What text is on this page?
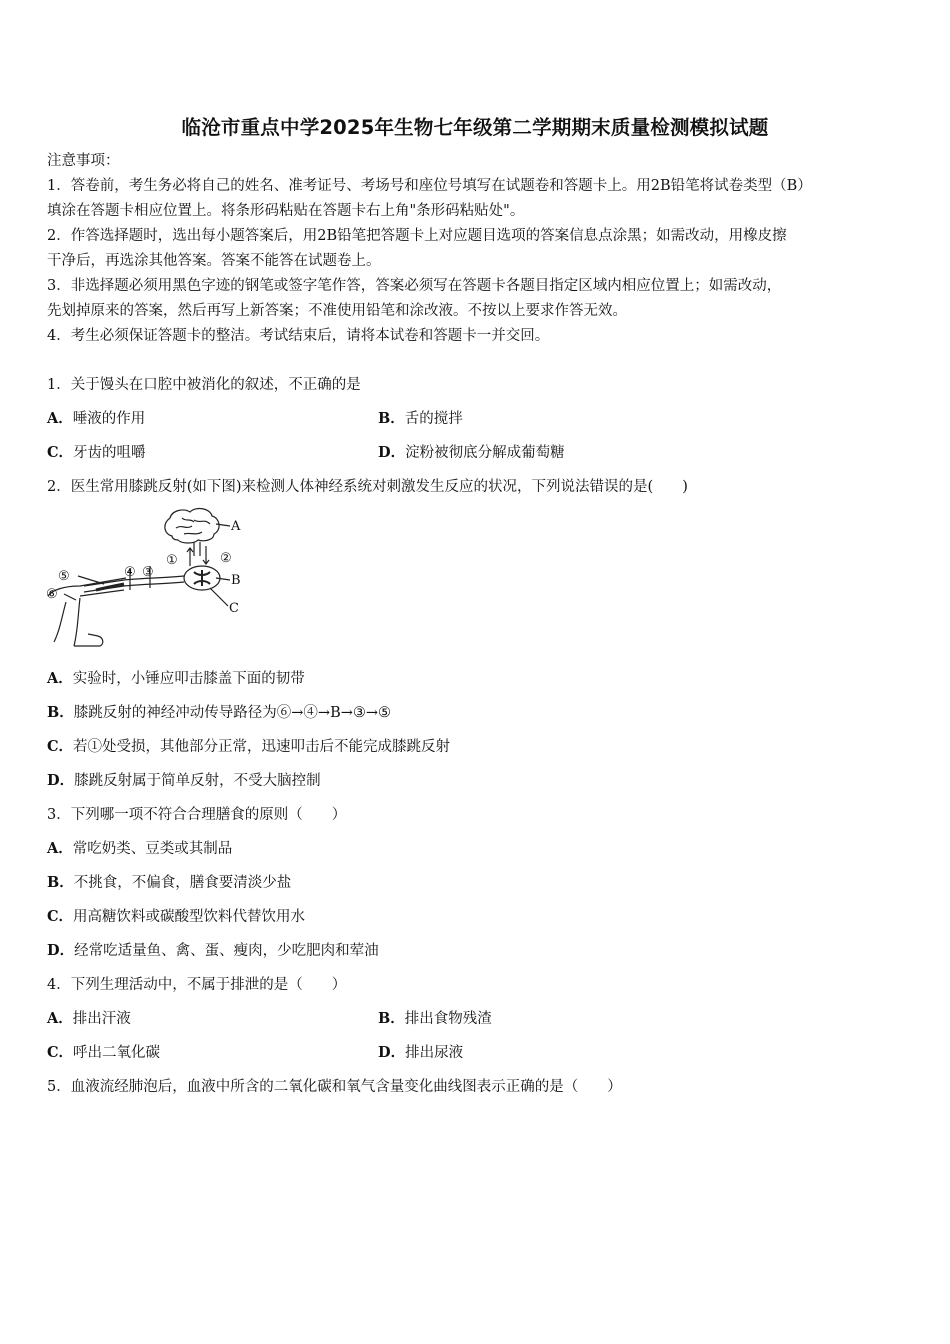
临沧市重点中学2025年生物七年级第二学期期末质量检测模拟试题
注意事项：
1．答卷前，考生务必将自己的姓名、准考证号、考场号和座位号填写在试题卷和答题卡上。用2B铅笔将试卷类型（B）
填涂在答题卡相应位置上。将条形码粘贴在答题卡右上角"条形码粘贴处"。
2．作答选择题时，选出每小题答案后，用2B铅笔把答题卡上对应题目选项的答案信息点涂黑；如需改动，用橡皮擦
干净后，再选涂其他答案。答案不能答在试题卷上。
3．非选择题必须用黑色字迹的钢笔或签字笔作答，答案必须写在答题卡各题目指定区域内相应位置上；如需改动，
先划掉原来的答案，然后再写上新答案；不准使用铅笔和涂改液。不按以上要求作答无效。
4．考生必须保证答题卡的整洁。考试结束后，请将本试卷和答题卡一并交回。
1．关于馒头在口腔中被消化的叙述，不正确的是
A．唾液的作用	B．舌的搅拌
C．牙齿的咀嚼	D．淀粉被彻底分解成葡萄糖
2．医生常用膝跳反射(如下图)来检测人体神经系统对刺激发生反应的状况，下列说法错误的是(　　)
A
B
C
①	②
③
④
⑤
⑥
A．实验时，小锤应叩击膝盖下面的韧带
B．膝跳反射的神经冲动传导路径为⑥→④→B→③→⑤
C．若①处受损，其他部分正常，迅速叩击后不能完成膝跳反射
D．膝跳反射属于简单反射，不受大脑控制
3．下列哪一项不符合合理膳食的原则（　　）
A．常吃奶类、豆类或其制品
B．不挑食，不偏食，膳食要清淡少盐
C．用高糖饮料或碳酸型饮料代替饮用水
D．经常吃适量鱼、禽、蛋、瘦肉，少吃肥肉和荤油
4．下列生理活动中，不属于排泄的是（　　）
A．排出汗液	B．排出食物残渣
C．呼出二氧化碳	D．排出尿液
5．血液流经肺泡后，血液中所含的二氧化碳和氧气含量变化曲线图表示正确的是（　　）
